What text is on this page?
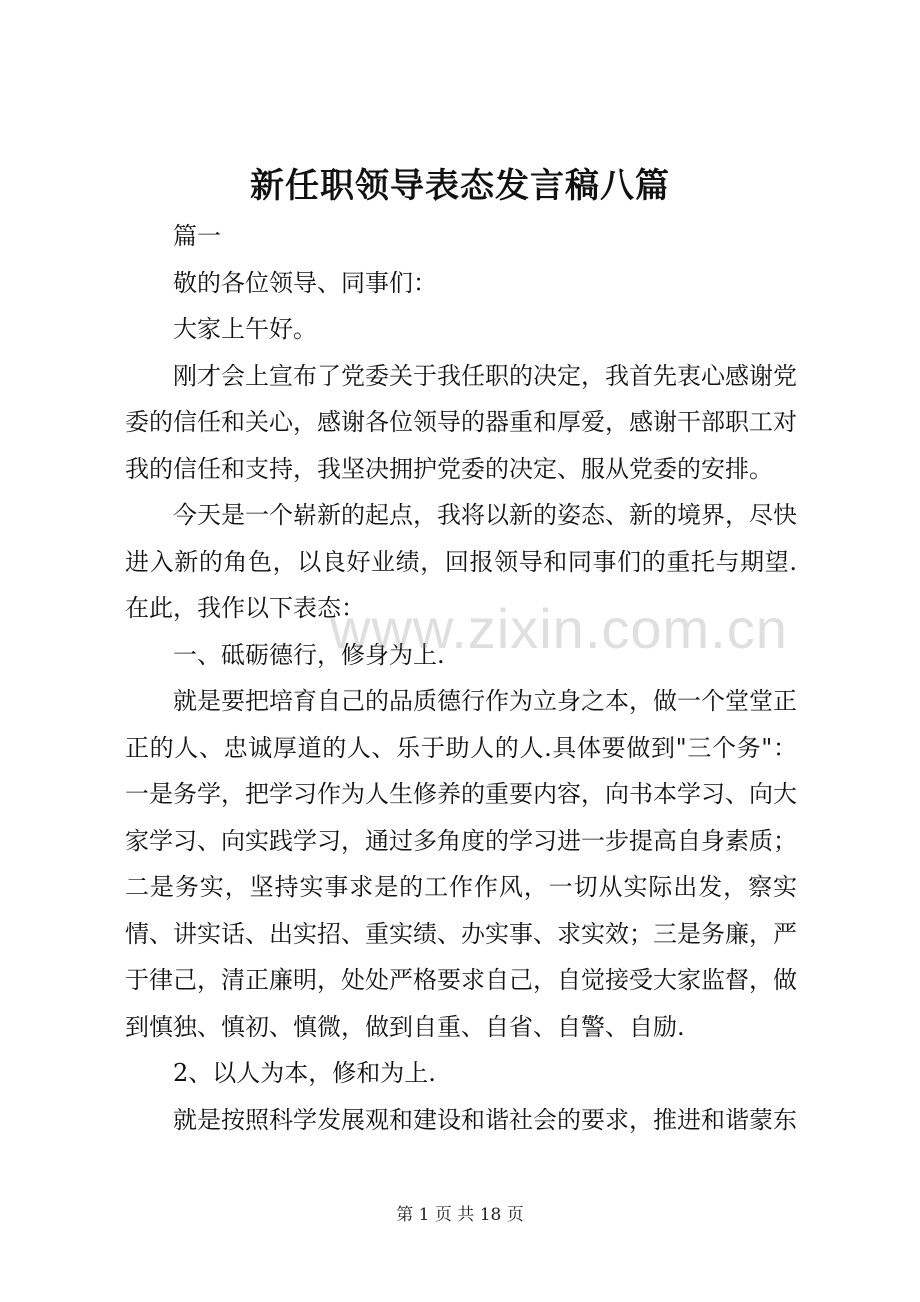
新任职领导表态发言稿八篇

篇一

敬的各位领导、同事们：

大家上午好。

刚才会上宣布了党委关于我任职的决定，我首先衷心感谢党委的信任和关心，感谢各位领导的器重和厚爱，感谢干部职工对我的信任和支持，我坚决拥护党委的决定、服从党委的安排。

今天是一个崭新的起点，我将以新的姿态、新的境界，尽快进入新的角色，以良好业绩，回报领导和同事们的重托与期望.在此，我作以下表态：

一、砥砺德行，修身为上.

就是要把培育自己的品质德行作为立身之本，做一个堂堂正正的人、忠诚厚道的人、乐于助人的人.具体要做到"三个务"：一是务学，把学习作为人生修养的重要内容，向书本学习、向大家学习、向实践学习，通过多角度的学习进一步提高自身素质；二是务实，坚持实事求是的工作作风，一切从实际出发，察实情、讲实话、出实招、重实绩、办实事、求实效；三是务廉，严于律己，清正廉明，处处严格要求自己，自觉接受大家监督，做到慎独、慎初、慎微，做到自重、自省、自警、自励.

2、以人为本，修和为上.

就是按照科学发展观和建设和谐社会的要求，推进和谐蒙东

www.zixin.com.cn
第 1 页 共 18 页
